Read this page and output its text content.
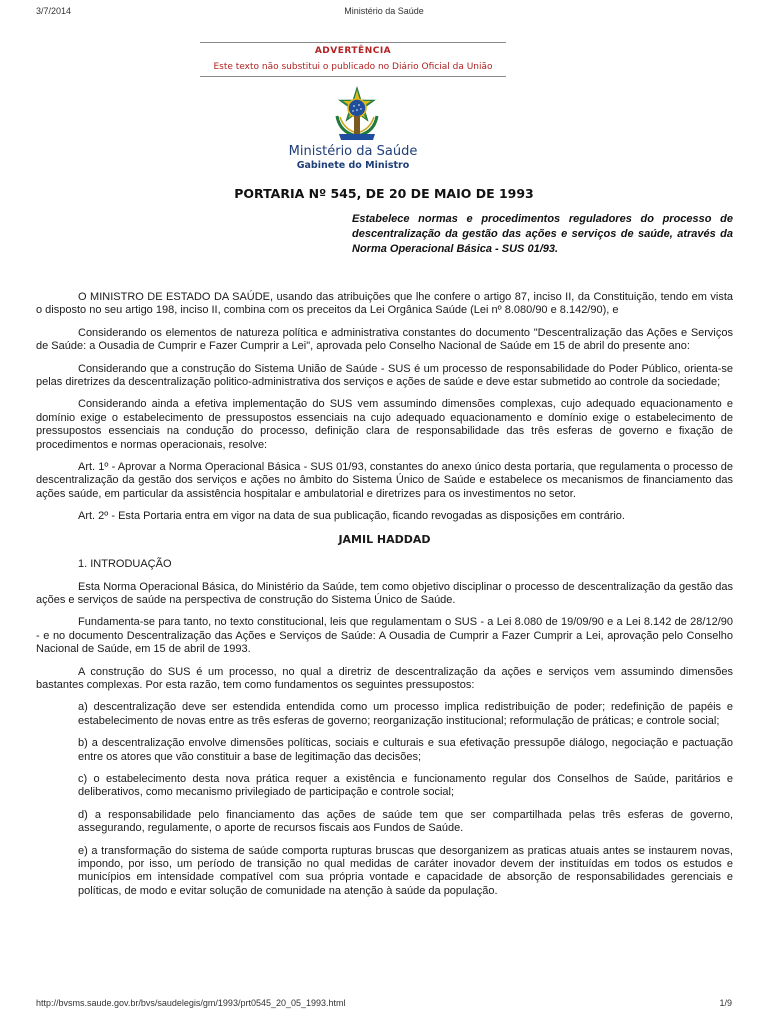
3/7/2014	Ministério da Saúde
ADVERTÊNCIA
Este texto não substitui o publicado no Diário Oficial da União
Ministério da Saúde
Gabinete do Ministro
PORTARIA Nº 545, DE 20 DE MAIO DE 1993
Estabelece normas e procedimentos reguladores do processo de descentralização da gestão das ações e serviços de saúde, através da Norma Operacional Básica - SUS 01/93.

O MINISTRO DE ESTADO DA SAÚDE, usando das atribuições que lhe confere o artigo 87, inciso II, da Constituição, tendo em vista o disposto no seu artigo 198, inciso II, combina com os preceitos da Lei Orgânica Saúde (Lei nº 8.080/90 e 8.142/90), e

Considerando os elementos de natureza política e administrativa constantes do documento "Descentralização das Ações e Serviços de Saúde: a Ousadia de Cumprir e Fazer Cumprir a Lei", aprovada pelo Conselho Nacional de Saúde em 15 de abril do presente ano:

Considerando que a construção do Sistema União de Saúde - SUS é um processo de responsabilidade do Poder Público, orienta-se pelas diretrizes da descentralização politico-administrativa dos serviços e ações de saúde e deve estar submetido ao controle da sociedade;

Considerando ainda a efetiva implementação do SUS vem assumindo dimensões complexas, cujo adequado equacionamento e domínio exige o estabelecimento de pressupostos essenciais na cujo adequado equacionamento e domínio exige o estabelecimento de pressupostos essenciais na condução do processo, definição clara de responsabilidade das três esferas de governo e fixação de procedimentos e normas operacionais, resolve:

Art. 1º - Aprovar a Norma Operacional Básica - SUS 01/93, constantes do anexo único desta portaria, que regulamenta o processo de descentralização da gestão dos serviços e ações no âmbito do Sistema Único de Saúde e estabelece os mecanismos de financiamento das ações saúde, em particular da assistência hospitalar e ambulatorial e diretrizes para os investimentos no setor.

Art. 2º - Esta Portaria entra em vigor na data de sua publicação, ficando revogadas as disposições em contrário.

JAMIL HADDAD
1. INTRODUAÇÃO

Esta Norma Operacional Básica, do Ministério da Saúde, tem como objetivo disciplinar o processo de descentralização da gestão das ações e serviços de saúde na perspectiva de construção do Sistema Único de Saúde.

Fundamenta-se para tanto, no texto constitucional, leis que regulamentam o SUS - a Lei 8.080 de 19/09/90 e a Lei 8.142 de 28/12/90 - e no documento Descentralização das Ações e Serviços de Saúde: A Ousadia de Cumprir a Fazer Cumprir a Lei, aprovação pelo Conselho Nacional de Saúde, em 15 de abril de 1993.

A construção do SUS é um processo, no qual a diretriz de descentralização da ações e serviços vem assumindo dimensões bastantes complexas. Por esta razão, tem como fundamentos os seguintes pressupostos:

a) descentralização deve ser estendida entendida como um processo implica redistribuição de poder; redefinição de papéis e estabelecimento de novas entre as três esferas de governo; reorganização institucional; reformulação de práticas; e controle social;
b) a descentralização envolve dimensões políticas, sociais e culturais e sua efetivação pressupõe diálogo, negociação e pactuação entre os atores que vão constituir a base de legitimação das decisões;
c) o estabelecimento desta nova prática requer a existência e funcionamento regular dos Conselhos de Saúde, paritários e deliberativos, como mecanismo privilegiado de participação e controle social;
d) a responsabilidade pelo financiamento das ações de saúde tem que ser compartilhada pelas três esferas de governo, assegurando, regulamente, o aporte de recursos fiscais aos Fundos de Saúde.
e) a transformação do sistema de saúde comporta rupturas bruscas que desorganizem as praticas atuais antes se instaurem novas, impondo, por isso, um período de transição no qual medidas de caráter inovador devem der instituídas em todos os estudos e municípios em intensidade compatível com sua própria vontade e capacidade de absorção de responsabilidades gerenciais e políticas, de modo e evitar solução de comunidade na atenção à saúde da população.
http://bvsms.saude.gov.br/bvs/saudelegis/gm/1993/prt0545_20_05_1993.html	1/9
